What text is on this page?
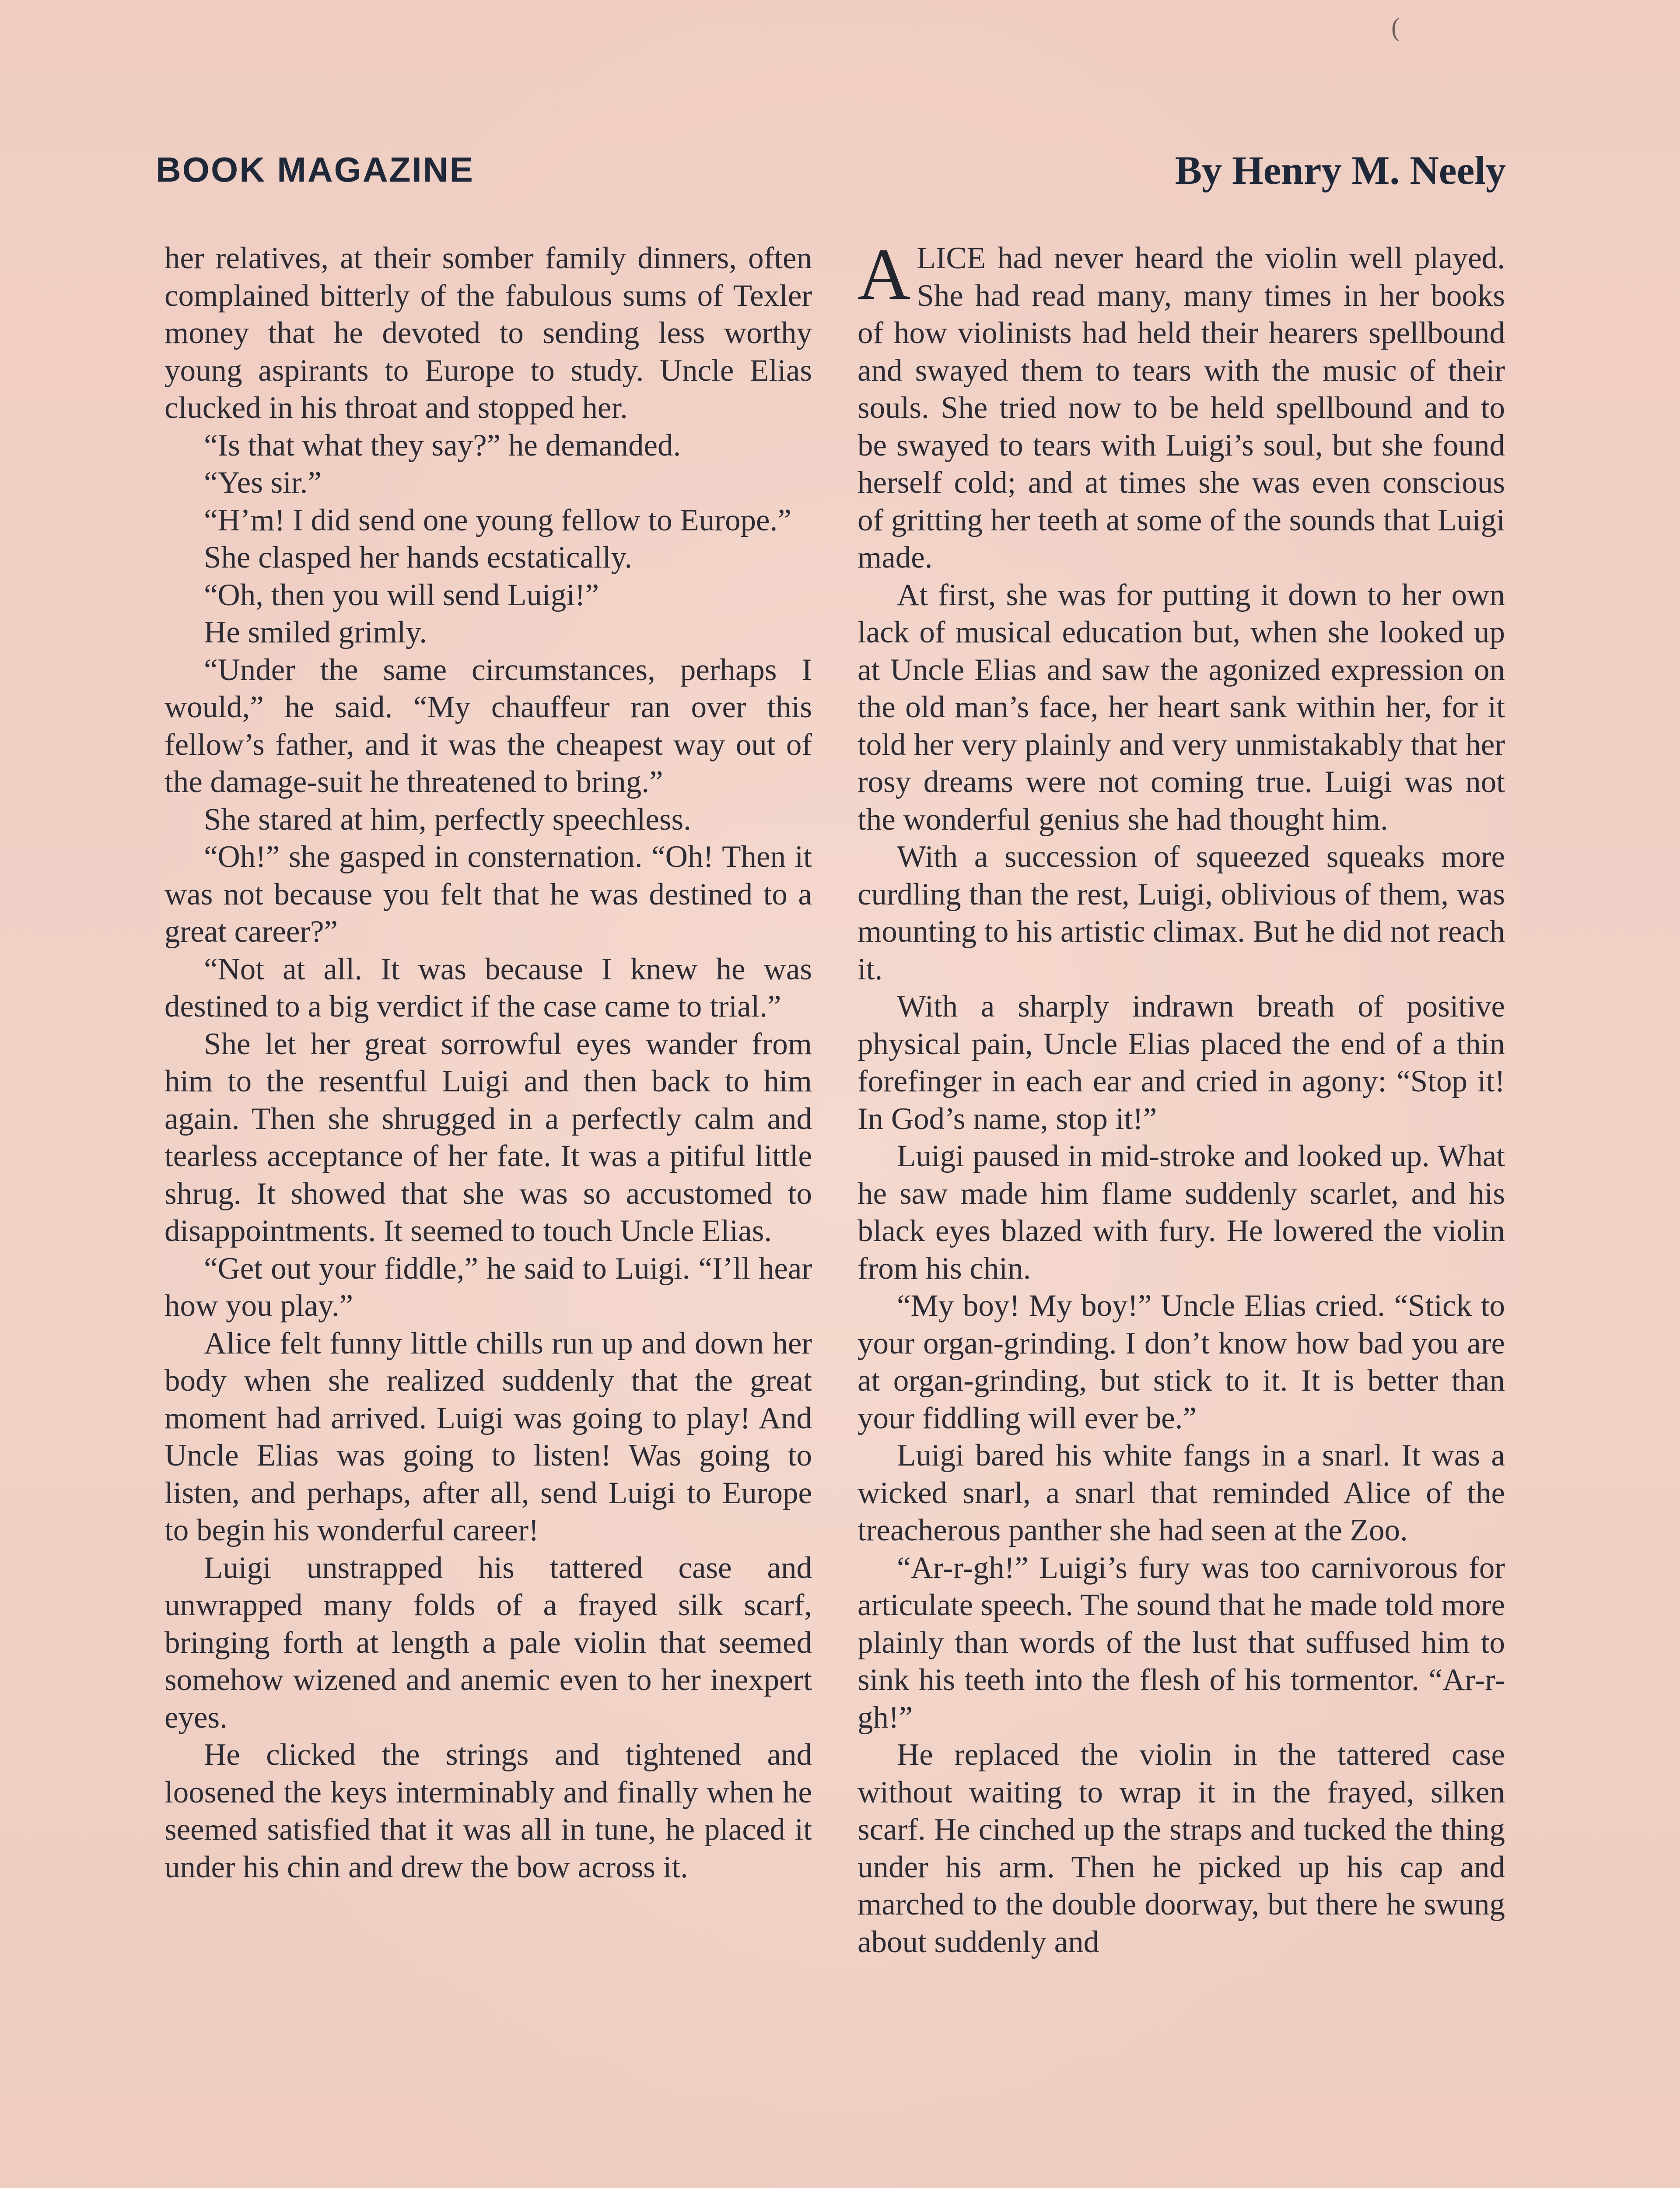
(
BOOK MAGAZINE	By Henry M. Neely

her relatives, at their somber family dinners, often complained bitterly of the fabulous sums of Texler money that he devoted to sending less worthy young aspirants to Europe to study. Uncle Elias clucked in his throat and stopped her.

“Is that what they say?” he demanded.

“Yes sir.”

“H’m! I did send one young fellow to Europe.”

She clasped her hands ecstatically.

“Oh, then you will send Luigi!”

He smiled grimly.

“Under the same circumstances, perhaps I would,” he said. “My chauffeur ran over this fellow’s father, and it was the cheapest way out of the damage-suit he threatened to bring.”

She stared at him, perfectly speechless.

“Oh!” she gasped in consternation. “Oh! Then it was not because you felt that he was destined to a great career?”

“Not at all. It was because I knew he was destined to a big verdict if the case came to trial.”

She let her great sorrowful eyes wander from him to the resentful Luigi and then back to him again. Then she shrugged in a perfectly calm and tearless acceptance of her fate. It was a pitiful little shrug. It showed that she was so accustomed to disappointments. It seemed to touch Uncle Elias.

“Get out your fiddle,” he said to Luigi. “I’ll hear how you play.”

Alice felt funny little chills run up and down her body when she realized suddenly that the great moment had arrived. Luigi was going to play! And Uncle Elias was going to listen! Was going to listen, and perhaps, after all, send Luigi to Europe to begin his wonderful career!

Luigi unstrapped his tattered case and unwrapped many folds of a frayed silk scarf, bringing forth at length a pale violin that seemed somehow wizened and anemic even to her inexpert eyes.

He clicked the strings and tightened and loosened the keys interminably and finally when he seemed satisfied that it was all in tune, he placed it under his chin and drew the bow across it.

ALICE had never heard the violin well played. She had read many, many times in her books of how violinists had held their hearers spellbound and swayed them to tears with the music of their souls. She tried now to be held spellbound and to be swayed to tears with Luigi’s soul, but she found herself cold; and at times she was even conscious of gritting her teeth at some of the sounds that Luigi made.

At first, she was for putting it down to her own lack of musical education but, when she looked up at Uncle Elias and saw the agonized expression on the old man’s face, her heart sank within her, for it told her very plainly and very unmistakably that her rosy dreams were not coming true. Luigi was not the wonderful genius she had thought him.

With a succession of squeezed squeaks more curdling than the rest, Luigi, oblivious of them, was mounting to his artistic climax. But he did not reach it.

With a sharply indrawn breath of positive physical pain, Uncle Elias placed the end of a thin forefinger in each ear and cried in agony: “Stop it! In God’s name, stop it!”

Luigi paused in mid-stroke and looked up. What he saw made him flame suddenly scarlet, and his black eyes blazed with fury. He lowered the violin from his chin.

“My boy! My boy!” Uncle Elias cried. “Stick to your organ-grinding. I don’t know how bad you are at organ-grinding, but stick to it. It is better than your fiddling will ever be.”

Luigi bared his white fangs in a snarl. It was a wicked snarl, a snarl that reminded Alice of the treacherous panther she had seen at the Zoo.

“Ar-r-gh!” Luigi’s fury was too carnivorous for articulate speech. The sound that he made told more plainly than words of the lust that suffused him to sink his teeth into the flesh of his tormentor. “Ar-r-gh!”

He replaced the violin in the tattered case without waiting to wrap it in the frayed, silken scarf. He cinched up the straps and tucked the thing under his arm. Then he picked up his cap and marched to the double doorway, but there he swung about suddenly and
